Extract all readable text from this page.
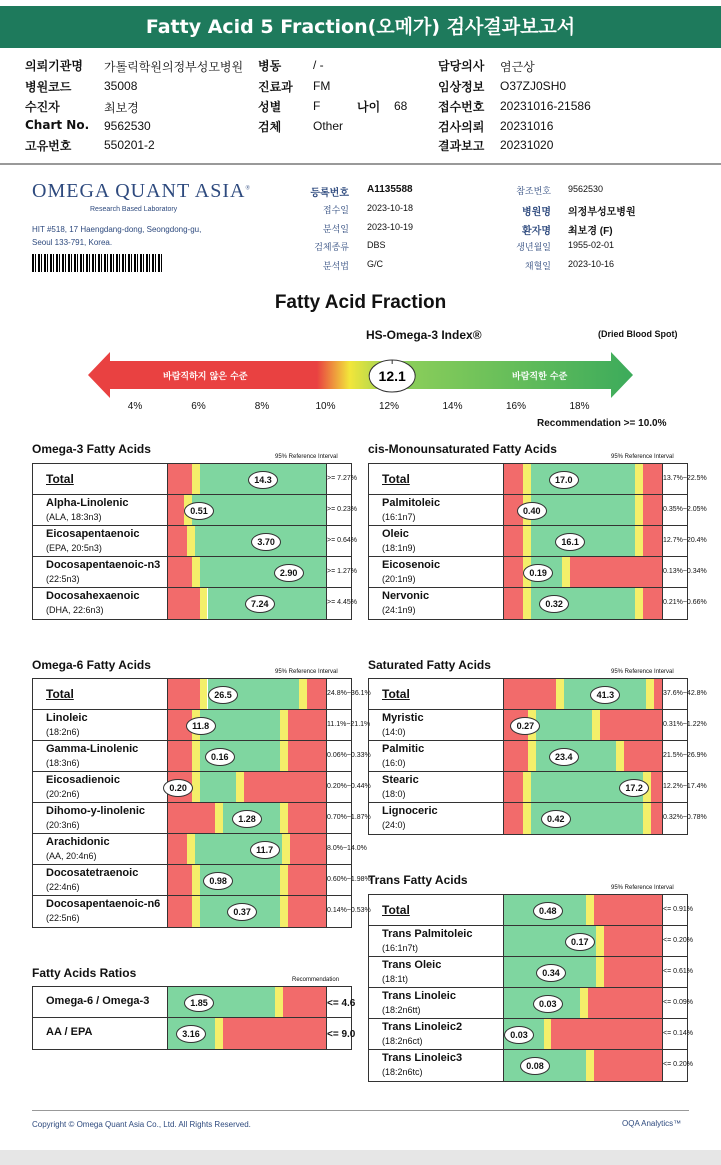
Fatty Acid 5 Fraction(오메가) 검사결과보고서
의뢰기관명 가톨릭학원의정부성모병원
병원코드	35008
수진자	최보경
Chart No. 9562530
고유번호	550201-2
병동	/ -
진료과 FM
성별	F
검체	Other
나이 68
담당의사 염근상
임상정보 O37ZJ0SH0
접수번호 20231016-21586
검사의뢰 20231016
결과보고 20231020
OMEGA QUANT ASIA®
Research Based Laboratory
HIT #518, 17 Haengdang-dong, Seongdong-gu,
Seoul 133-791, Korea.
등록번호 A1135588
접수일 2023-10-18
분석일 2023-10-19
검체종류 DBS
분석법 G/C
참조번호 9562530
병원명 의정부성모병원
환자명 최보경 (F)
생년월일 1955-02-01
채혈일 2023-10-16
Fatty Acid Fraction
HS-Omega-3 Index®	(Dried Blood Spot)
바람직하지 않은 수준	바람직한 수준
12.1
4%	6%	8%	10%	12%	14%	16%	18%
Recommendation >= 10.0%
Omega-3 Fatty Acids
95% Reference Interval
Total	14.3	>= 7.27%
Alpha-Linolenic
(ALA, 18:3n3)
0.51	>= 0.23%
Eicosapentaenoic
(EPA, 20:5n3)
3.70	>= 0.64%
Docosapentaenoic-n3
(22:5n3)
2.90	>= 1.27%
Docosahexaenoic
(DHA, 22:6n3)
7.24	>= 4.45%
cis-Monounsaturated Fatty Acids
95% Reference Interval
Total	17.0	13.7%~22.5%
Palmitoleic
(16:1n7)
0.40	0.35%~2.05%
Oleic
(18:1n9)
16.1	12.7%~20.4%
Eicosenoic
(20:1n9)
0.19	0.13%~0.34%
Nervonic
(24:1n9)
0.32	0.21%~0.66%
Omega-6 Fatty Acids	95% Reference Interval
Total	26.5	24.8%~36.1%
Linoleic
(18:2n6)
11.8	11.1%~21.1%
Gamma-Linolenic
(18:3n6)
0.16	0.06%~0.33%
Eicosadienoic
(20:2n6)
0.20	0.20%~0.44%
Dihomo-y-linolenic
(20:3n6)
1.28	0.70%~1.87%
Arachidonic
(AA, 20:4n6)
11.7	8.0%~14.0%
Docosatetraenoic
(22:4n6)
0.98	0.60%~1.98%
Docosapentaenoic-n6
(22:5n6)
0.37	0.14%~0.53%
Saturated Fatty Acids	95% Reference Interval
Total	41.3	37.6%~42.8%
Myristic
(14:0)
0.27	0.31%~1.22%
Palmitic
(16:0)
23.4	21.5%~26.9%
Stearic
(18:0)
17.2	12.2%~17.4%
Lignoceric
(24:0)
0.42	0.32%~0.78%
Trans Fatty Acids
95% Reference Interval
Total	0.48	<= 0.91%
Trans Palmitoleic
(16:1n7t)
0.17	<= 0.20%
Trans Oleic
(18:1t)
0.34	<= 0.61%
Trans Linoleic
(18:2n6tt)
0.03	<= 0.09%
Trans Linoleic2
(18:2n6ct)
0.03	<= 0.14%
Trans Linoleic3
(18:2n6tc)
0.08	<= 0.20%
Fatty Acids Ratios	Recommendation
Omega-6 / Omega-3	1.85	<= 4.6
AA / EPA	3.16	<= 9.0
Copyright © Omega Quant Asia Co., Ltd. All Rights Reserved.	OQA Analytics™
